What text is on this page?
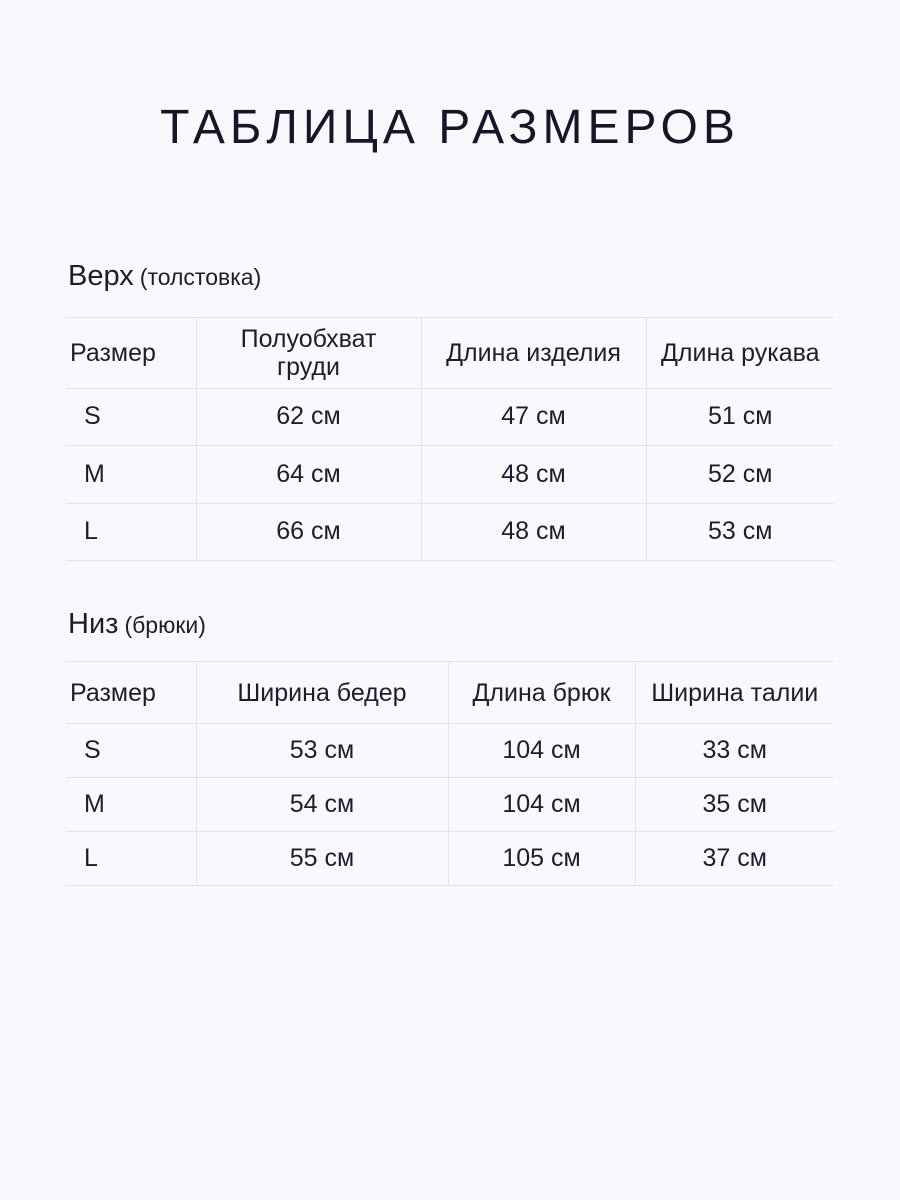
ТАБЛИЦА РАЗМЕРОВ
Верх (толстовка)
Размер	Полуобхват груди	Длина изделия	Длина рукава
S	62 см	47 см	51 см
M	64 см	48 см	52 см
L	66 см	48 см	53 см
Низ (брюки)
Размер	Ширина бедер	Длина брюк	Ширина талии
S	53 см	104 см	33 см
M	54 см	104 см	35 см
L	55 см	105 см	37 см
